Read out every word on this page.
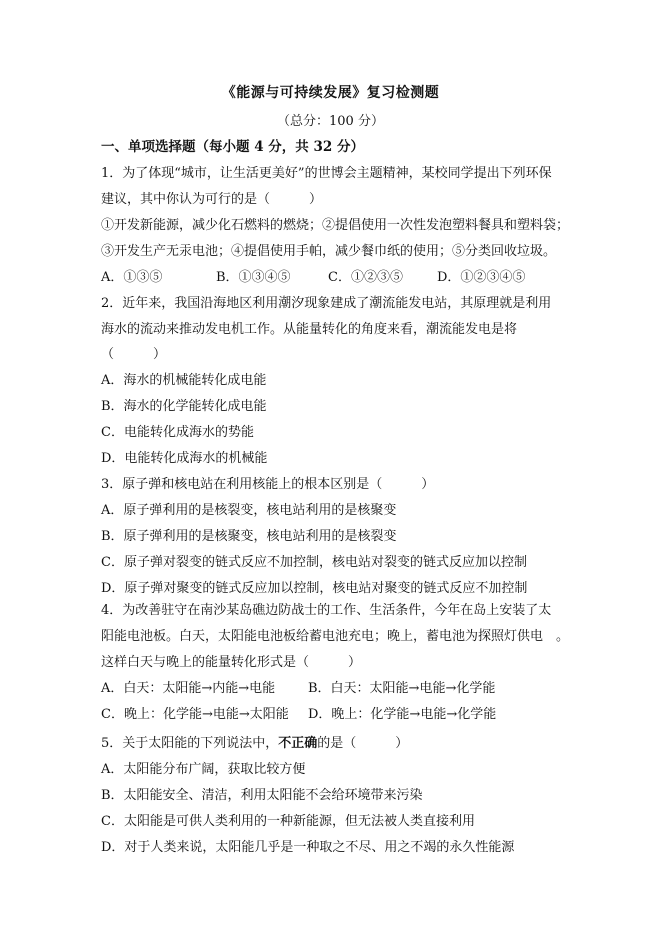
《能源与可持续发展》复习检测题
（总分：100 分）
一、单项选择题（每小题 4 分，共 32 分）
1．为了体现“城市，让生活更美好”的世博会主题精神，某校同学提出下列环保
建议，其中你认为可行的是（　　　）
①开发新能源，减少化石燃料的燃烧；②提倡使用一次性发泡塑料餐具和塑料袋；
③开发生产无汞电池；④提倡使用手帕，减少餐巾纸的使用；⑤分类回收垃圾。
A．①③⑤	B．①③④⑤	C．①②③⑤	D．①②③④⑤
2．近年来，我国沿海地区利用潮汐现象建成了潮流能发电站，其原理就是利用
海水的流动来推动发电机工作。从能量转化的角度来看，潮流能发电是将
（　　　）
A．海水的机械能转化成电能
B．海水的化学能转化成电能
C．电能转化成海水的势能
D．电能转化成海水的机械能
3．原子弹和核电站在利用核能上的根本区别是（　　　）
A．原子弹利用的是核裂变，核电站利用的是核聚变
B．原子弹利用的是核聚变，核电站利用的是核裂变
C．原子弹对裂变的链式反应不加控制，核电站对裂变的链式反应加以控制
D．原子弹对聚变的链式反应加以控制，核电站对聚变的链式反应不加控制
4．为改善驻守在南沙某岛礁边防战士的工作、生活条件，今年在岛上安装了太
阳能电池板。白天，太阳能电池板给蓄电池充电；晚上，蓄电池为探照灯供电　。
这样白天与晚上的能量转化形式是（　　　）
A．白天：太阳能→内能→电能	B．白天：太阳能→电能→化学能
C．晚上：化学能→电能→太阳能 D．晚上：化学能→电能→化学能
5．关于太阳能的下列说法中，不正确的是（　　　）
A．太阳能分布广阔，获取比较方便
B．太阳能安全、清洁，利用太阳能不会给环境带来污染
C．太阳能是可供人类利用的一种新能源，但无法被人类直接利用
D．对于人类来说，太阳能几乎是一种取之不尽、用之不竭的永久性能源
